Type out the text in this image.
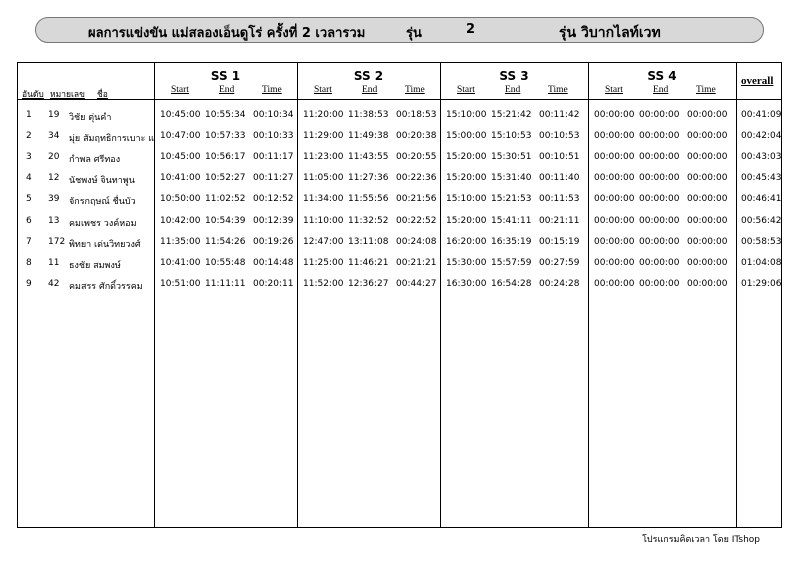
ผลการแข่งขัน แม่สลองเอ็นดูโร่ ครั้งที่ 2 เวลารวม	รุ่น	2	รุ่น วิบากไลท์เวท
อันดับ หมายเลข ชื่อ
overall
SS 1
Start	End	Time
SS 2
Start	End	Time
SS 3
Start	End	Time
SS 4
Start	End	Time
1 19 วิชัย ตุ่นคำ	10:45:00 10:55:34 00:10:34 11:20:00 11:38:53 00:18:53 15:10:00 15:21:42 00:11:42 00:00:00 00:00:00 00:00:00 00:41:09
2 34 มุ่ย สัมฤทธิการเบาะ แ 10:47:00 10:57:33 00:10:33 11:29:00 11:49:38 00:20:38 15:00:00 15:10:53 00:10:53 00:00:00 00:00:00 00:00:00 00:42:04
3 20 กำพล ศรีทอง	10:45:00 10:56:17 00:11:17 11:23:00 11:43:55 00:20:55 15:20:00 15:30:51 00:10:51 00:00:00 00:00:00 00:00:00 00:43:03
4 12 นัชพงษ์ จินทาพูน	10:41:00 10:52:27 00:11:27 11:05:00 11:27:36 00:22:36 15:20:00 15:31:40 00:11:40 00:00:00 00:00:00 00:00:00 00:45:43
5 39 จักรกฤษณ์ ชื่นบัว	10:50:00 11:02:52 00:12:52 11:34:00 11:55:56 00:21:56 15:10:00 15:21:53 00:11:53 00:00:00 00:00:00 00:00:00 00:46:41
6 13 คมเพชร วงค์หอม	10:42:00 10:54:39 00:12:39 11:10:00 11:32:52 00:22:52 15:20:00 15:41:11 00:21:11 00:00:00 00:00:00 00:00:00 00:56:42
7 172 พิทยา เด่นวิทยวงศ์ 11:35:00 11:54:26 00:19:26 12:47:00 13:11:08 00:24:08 16:20:00 16:35:19 00:15:19 00:00:00 00:00:00 00:00:00 00:58:53
8 11 ธงชัย สมพงษ์	10:41:00 10:55:48 00:14:48 11:25:00 11:46:21 00:21:21 15:30:00 15:57:59 00:27:59 00:00:00 00:00:00 00:00:00 01:04:08
9 42 คมสรร ศักดิ์วรรคม 10:51:00 11:11:11 00:20:11 11:52:00 12:36:27 00:44:27 16:30:00 16:54:28 00:24:28 00:00:00 00:00:00 00:00:00 01:29:06
โปรแกรมคิดเวลา โดย ITshop
